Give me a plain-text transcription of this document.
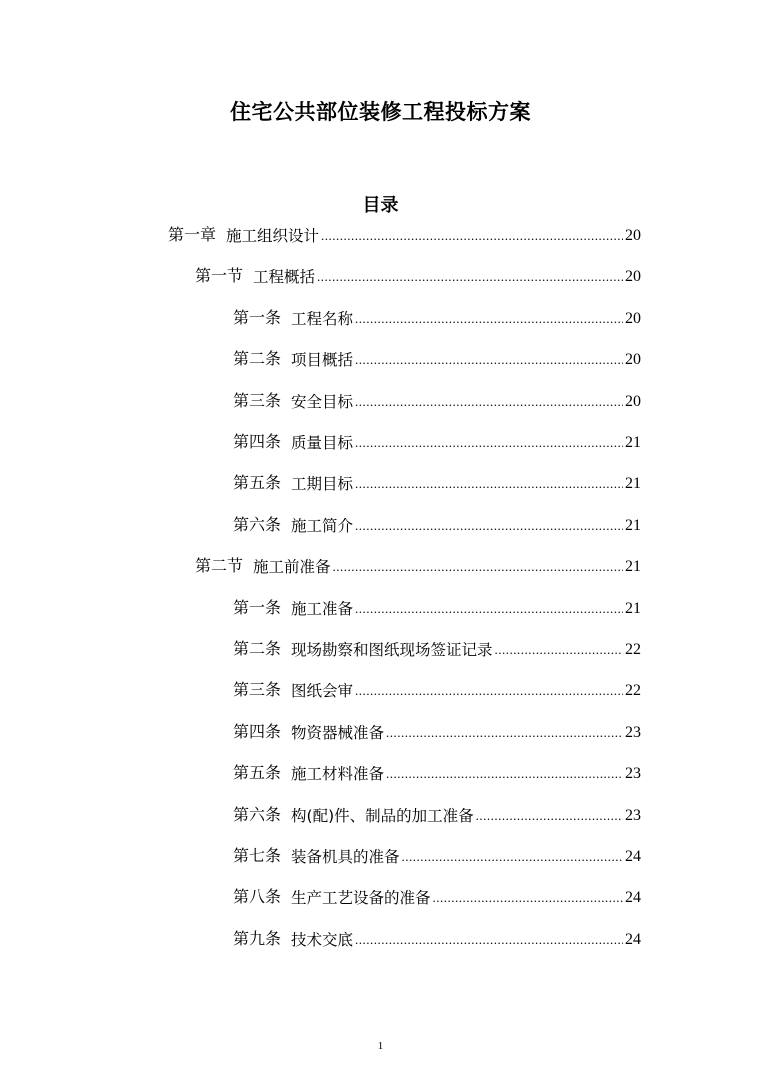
住宅公共部位装修工程投标方案
目录
第一章 施工组织设计 .....	20
第一节 工程概括 .....	20
第一条 工程名称 .....	20
第二条 项目概括 .....	20
第三条 安全目标 .....	20
第四条 质量目标 .....	21
第五条 工期目标 .....	21
第六条 施工简介 .....	21
第二节 施工前准备 .....	21
第一条 施工准备 .....	21
第二条 现场勘察和图纸现场签证记录 .....	22
第三条 图纸会审 .....	22
第四条 物资器械准备 .....	23
第五条 施工材料准备 .....	23
第六条 构(配)件、制品的加工准备 .....	23
第七条 装备机具的准备 .....	24
第八条 生产工艺设备的准备 .....	24
第九条 技术交底 .....	24
1
